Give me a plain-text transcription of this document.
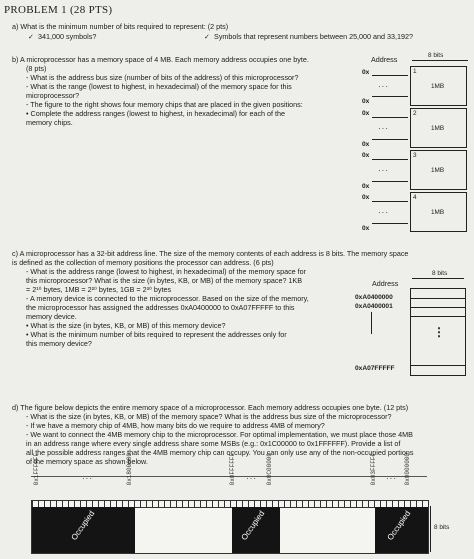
PROBLEM 1 (28 PTS)
a) What is the minimum number of bits required to represent: (2 pts)
✓ 341,000 symbols?	✓ Symbols that represent numbers between 25,000 and 33,192?
b) A microprocessor has a memory space of 4 MB. Each memory address occupies one byte.
(8 pts)
- What is the address bus size (number of bits of the address) of this microprocessor?
- What is the range (lowest to highest, in hexadecimal) of the memory space for this
microprocessor?
- The figure to the right shows four memory chips that are placed in the given positions:
• Complete the address ranges (lowest to highest, in hexadecimal) for each of the
memory chips.
Address	8 bits
0x
···
0x
1
1MB
0x
···
0x
2
1MB
0x
···
0x
3
1MB
0x
···
0x
4
1MB
c) A microprocessor has a 32-bit address line. The size of the memory contents of each address is 8 bits. The memory space
is defined as the collection of memory positions the processor can address. (6 pts)
- What is the address range (lowest to highest, in hexadecimal) of the memory space for
this microprocessor? What is the size (in bytes, KB, or MB) of the memory space? 1KB
= 2¹⁰ bytes, 1MB = 2²⁰ bytes, 1GB = 2³⁰ bytes
- A memory device is connected to the microprocessor. Based on the size of the memory,
the microprocessor has assigned the addresses 0xA0400000 to 0xA07FFFFF to this
memory device.
• What is the size (in bytes, KB, or MB) of this memory device?
• What is the minimum number of bits required to represent the addresses only for
this memory device?
8 bits
Address
0xA0400000
0xA0400001
0xA07FFFFF
⋮
d) The figure below depicts the entire memory space of a microprocessor. Each memory address occupies one byte. (12 pts)
- What is the size (in bytes, KB, or MB) of the memory space? What is the address bus size of the microprocessor?
- If we have a memory chip of 4MB, how many bits do we require to address 4MB of memory?
- We want to connect the 4MB memory chip to the microprocessor. For optimal implementation, we must place those 4MB
in an address range where every single address share some MSBs (e.g.: 0x1C00000 to 0x1FFFFFF). Provide a list of
all the possible address ranges that the 4MB memory chip can occupy. You can only use any of the non-occupied portions
of the memory space as shown below.
0x1FFFFFF	···	0x1800000	0x0FFFFFF ··· 0x0C00000	0x03FFFFF ··· 0x0000000
Occupied	Occupied	Occupied	8 bits
